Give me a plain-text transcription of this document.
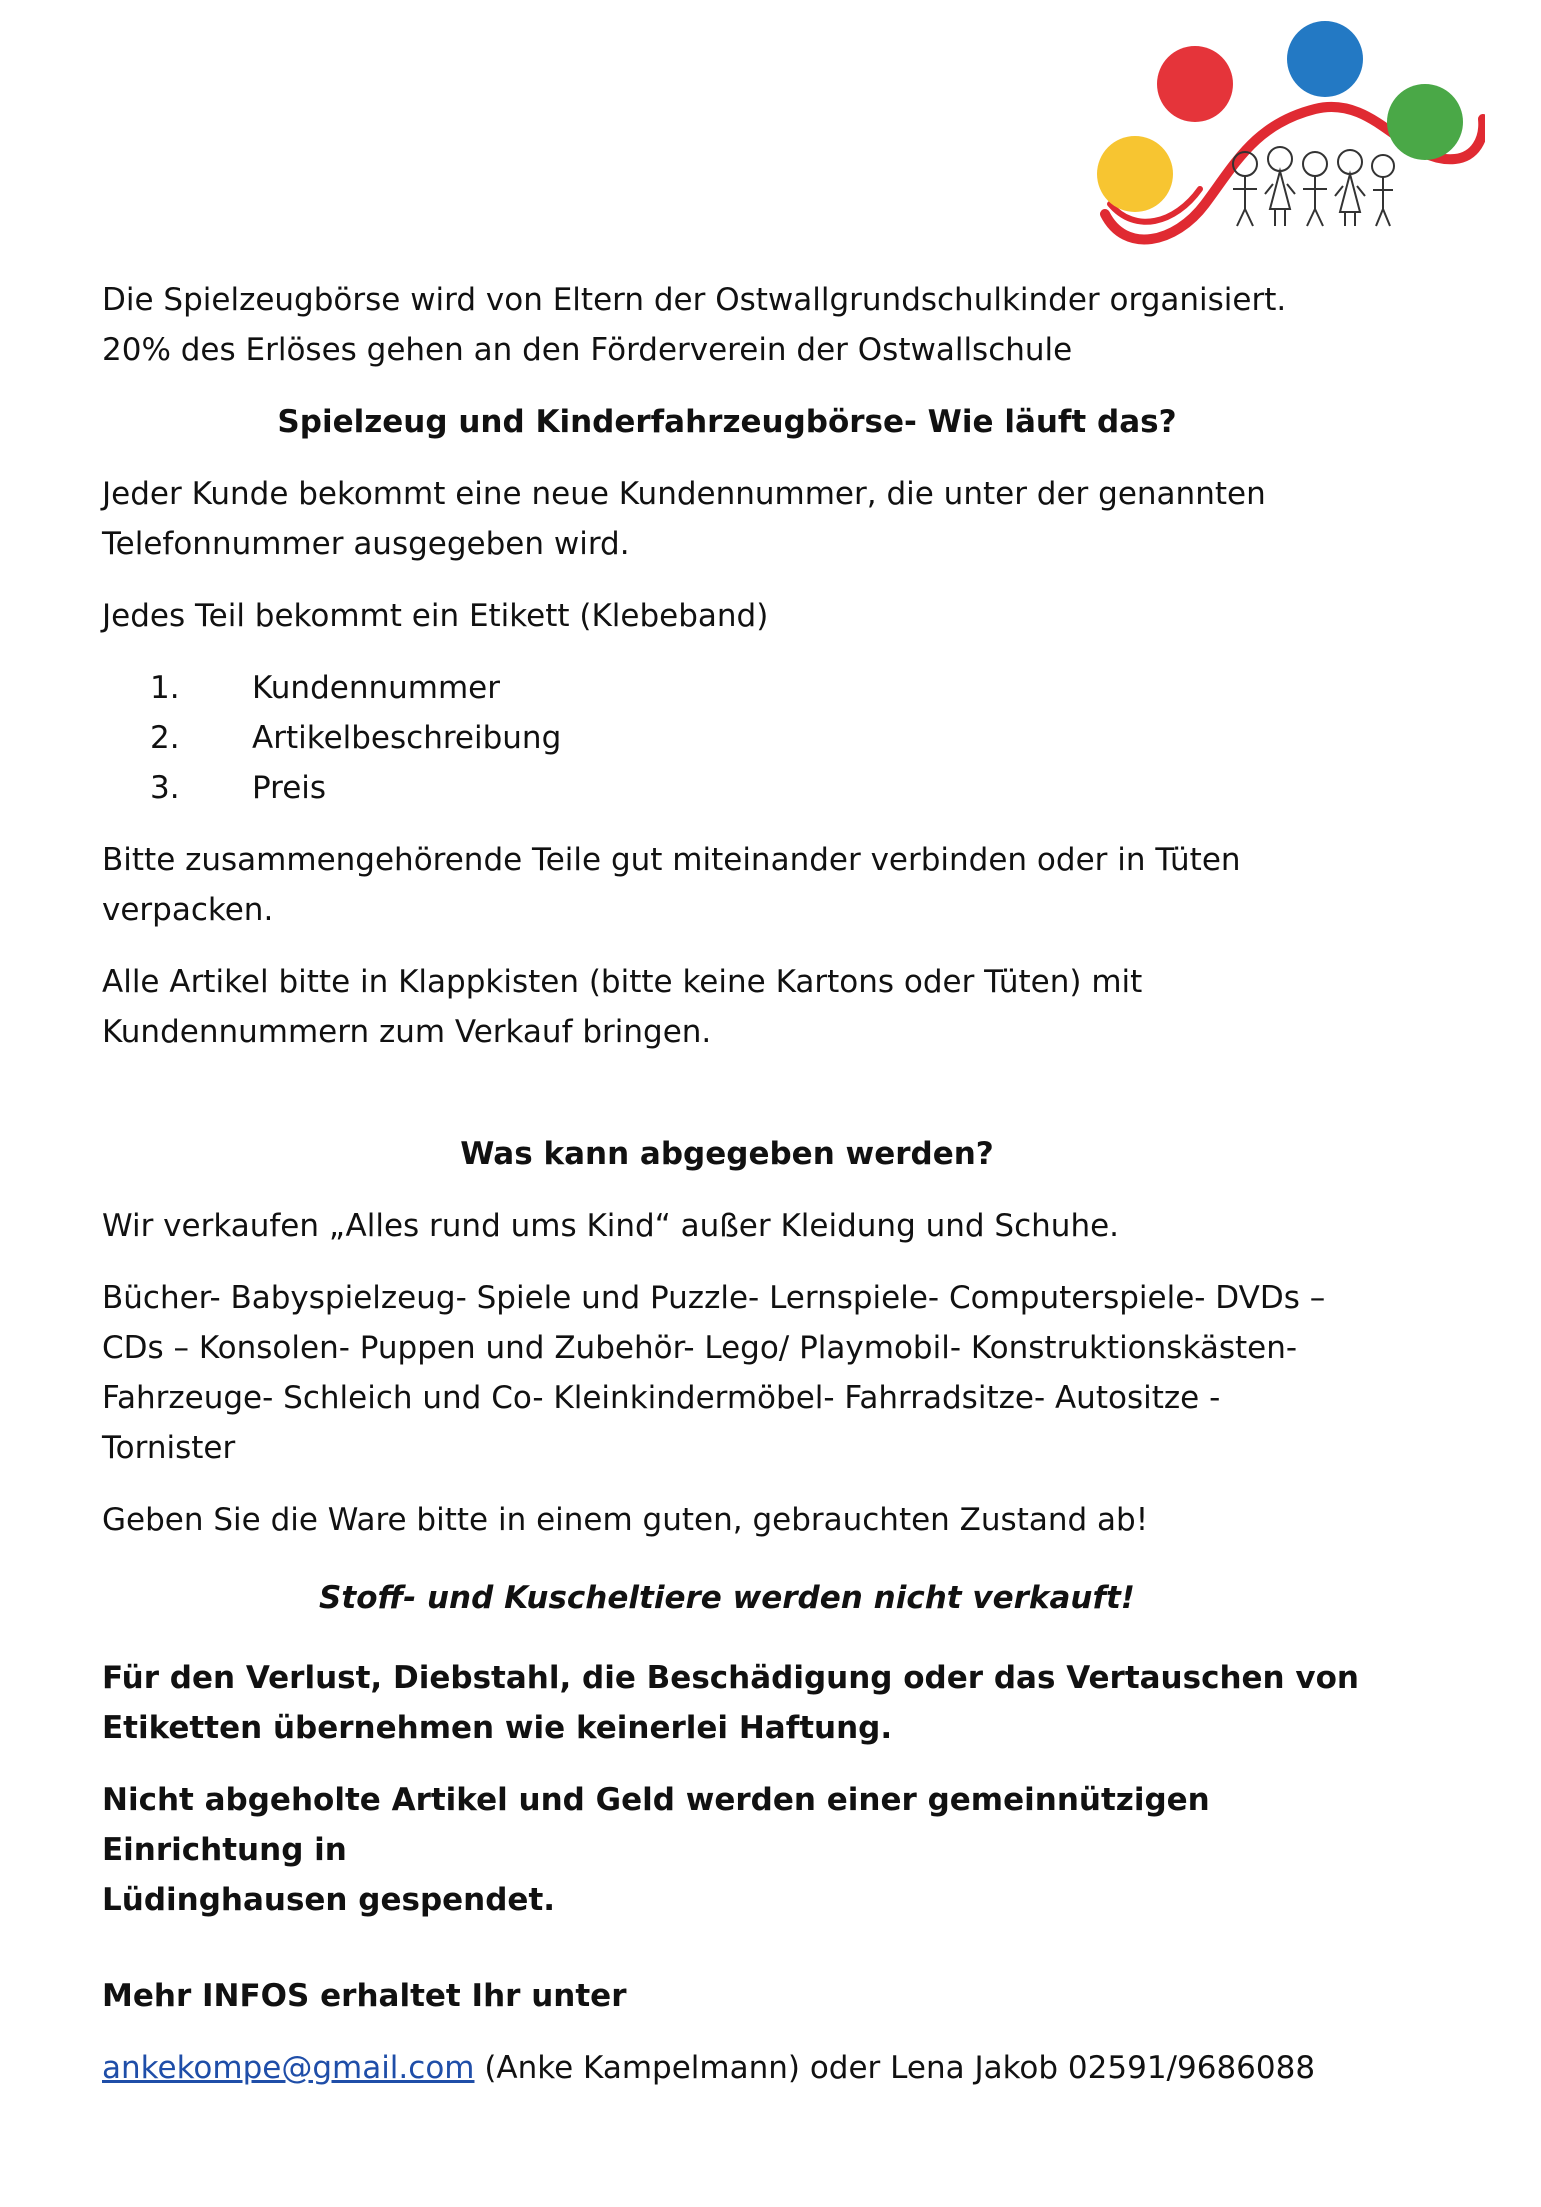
Die Spielzeugbörse wird von Eltern der Ostwallgrundschulkinder organisiert.

20% des Erlöses gehen an den Förderverein der Ostwallschule

Spielzeug und Kinderfahrzeugbörse- Wie läuft das?

Jeder Kunde bekommt eine neue Kundennummer, die unter der genannten

Telefonnummer ausgegeben wird.

Jedes Teil bekommt ein Etikett (Klebeband)

1.	Kundennummer
2.	Artikelbeschreibung
3.	Preis

Bitte zusammengehörende Teile gut miteinander verbinden oder in Tüten

verpacken.

Alle Artikel bitte in Klappkisten (bitte keine Kartons oder Tüten) mit

Kundennummern zum Verkauf bringen.

Was kann abgegeben werden?

Wir verkaufen „Alles rund ums Kind“ außer Kleidung und Schuhe.

Bücher- Babyspielzeug- Spiele und Puzzle- Lernspiele- Computerspiele- DVDs –

CDs – Konsolen- Puppen und Zubehör- Lego/ Playmobil- Konstruktionskästen-

Fahrzeuge- Schleich und Co- Kleinkindermöbel- Fahrradsitze- Autositze -

Tornister

Geben Sie die Ware bitte in einem guten, gebrauchten Zustand ab!

Stoff- und Kuscheltiere werden nicht verkauft!

Für den Verlust, Diebstahl, die Beschädigung oder das Vertauschen von

Etiketten übernehmen wie keinerlei Haftung.

Nicht abgeholte Artikel und Geld werden einer gemeinnützigen Einrichtung in

Lüdinghausen gespendet.

Mehr INFOS erhaltet Ihr unter

ankekompe@gmail.com (Anke Kampelmann) oder Lena Jakob 02591/9686088
